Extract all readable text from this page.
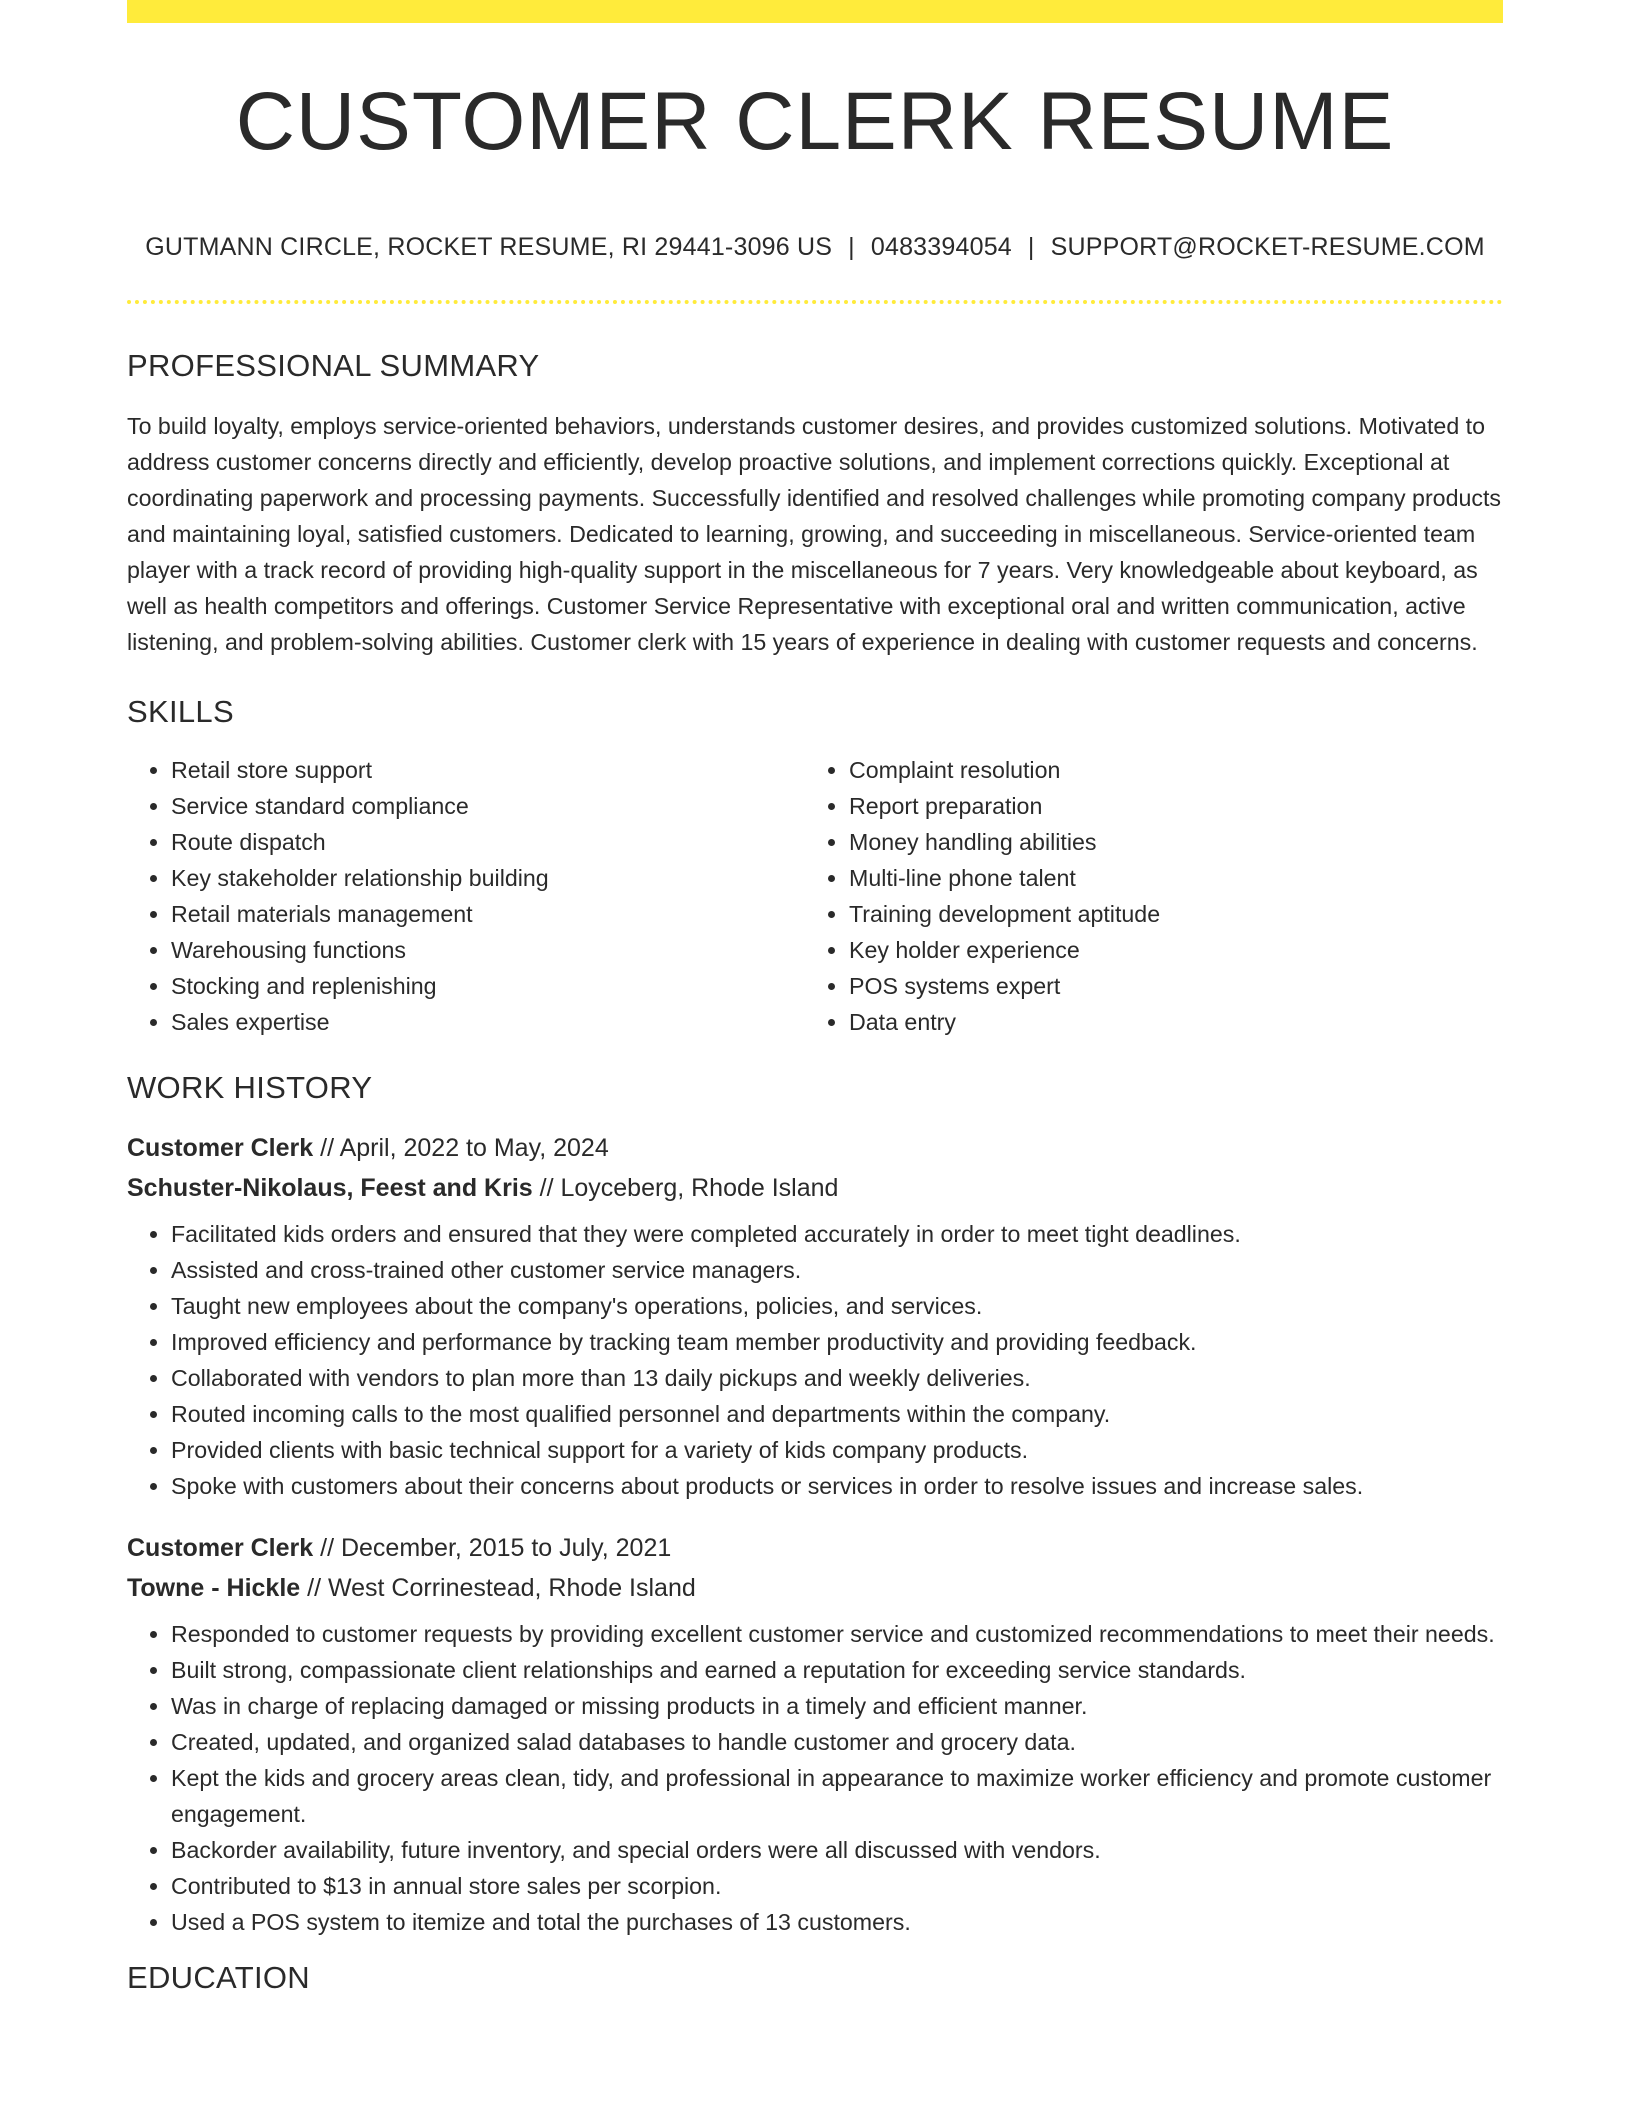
CUSTOMER CLERK RESUME
GUTMANN CIRCLE, ROCKET RESUME, RI 29441-3096 US | 0483394054 | SUPPORT@ROCKET-RESUME.COM
PROFESSIONAL SUMMARY

To build loyalty, employs service-oriented behaviors, understands customer desires, and provides customized solutions. Motivated to address customer concerns directly and efficiently, develop proactive solutions, and implement corrections quickly. Exceptional at coordinating paperwork and processing payments. Successfully identified and resolved challenges while promoting company products and maintaining loyal, satisfied customers. Dedicated to learning, growing, and succeeding in miscellaneous. Service-oriented team player with a track record of providing high-quality support in the miscellaneous for 7 years. Very knowledgeable about keyboard, as well as health competitors and offerings. Customer Service Representative with exceptional oral and written communication, active listening, and problem-solving abilities. Customer clerk with 15 years of experience in dealing with customer requests and concerns.

SKILLS
• Retail store support
• Service standard compliance
• Route dispatch
• Key stakeholder relationship building
• Retail materials management
• Warehousing functions
• Stocking and replenishing
• Sales expertise
• Complaint resolution
• Report preparation
• Money handling abilities
• Multi-line phone talent
• Training development aptitude
• Key holder experience
• POS systems expert
• Data entry
WORK HISTORY
Customer Clerk // April, 2022 to May, 2024
Schuster-Nikolaus, Feest and Kris // Loyceberg, Rhode Island
• Facilitated kids orders and ensured that they were completed accurately in order to meet tight deadlines.
• Assisted and cross-trained other customer service managers.
• Taught new employees about the company's operations, policies, and services.
• Improved efficiency and performance by tracking team member productivity and providing feedback.
• Collaborated with vendors to plan more than 13 daily pickups and weekly deliveries.
• Routed incoming calls to the most qualified personnel and departments within the company.
• Provided clients with basic technical support for a variety of kids company products.
• Spoke with customers about their concerns about products or services in order to resolve issues and increase sales.
Customer Clerk // December, 2015 to July, 2021
Towne - Hickle // West Corrinestead, Rhode Island
• Responded to customer requests by providing excellent customer service and customized recommendations to meet their needs.
• Built strong, compassionate client relationships and earned a reputation for exceeding service standards.
• Was in charge of replacing damaged or missing products in a timely and efficient manner.
• Created, updated, and organized salad databases to handle customer and grocery data.
• Kept the kids and grocery areas clean, tidy, and professional in appearance to maximize worker efficiency and promote customer engagement.
• Backorder availability, future inventory, and special orders were all discussed with vendors.
• Contributed to $13 in annual store sales per scorpion.
• Used a POS system to itemize and total the purchases of 13 customers.
EDUCATION
